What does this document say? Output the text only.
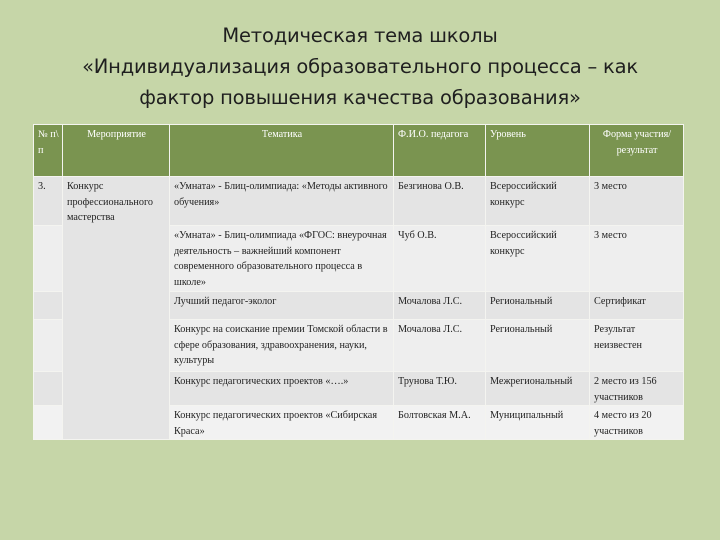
Методическая тема школы
«Индивидуализация образовательного процесса – как
фактор повышения качества образования»
№ п\ п	Мероприятие	Тематика	Ф.И.О. педагога	Уровень	Форма участия/результат
3.	Конкурс профессионального мастерства	«Умната» - Блиц-олимпиада: «Методы активного обучения»	Безгинова О.В.	Всероссийский конкурс	3 место
		«Умната» - Блиц-олимпиада «ФГОС: внеурочная деятельность – важнейший компонент современного образовательного процесса в школе»	Чуб О.В.	Всероссийский конкурс	3 место
		Лучший педагог-эколог	Мочалова Л.С.	Региональный	Сертификат
		Конкурс на соискание премии Томской области в сфере образования, здравоохранения, науки, культуры	Мочалова Л.С.	Региональный	Результат неизвестен
		Конкурс педагогических проектов «….»	Трунова Т.Ю.	Межрегиональный	2 место из 156 участников
		Конкурс педагогических проектов «Сибирская Краса»	Болтовская М.А.	Муниципальный	4 место из 20 участников
